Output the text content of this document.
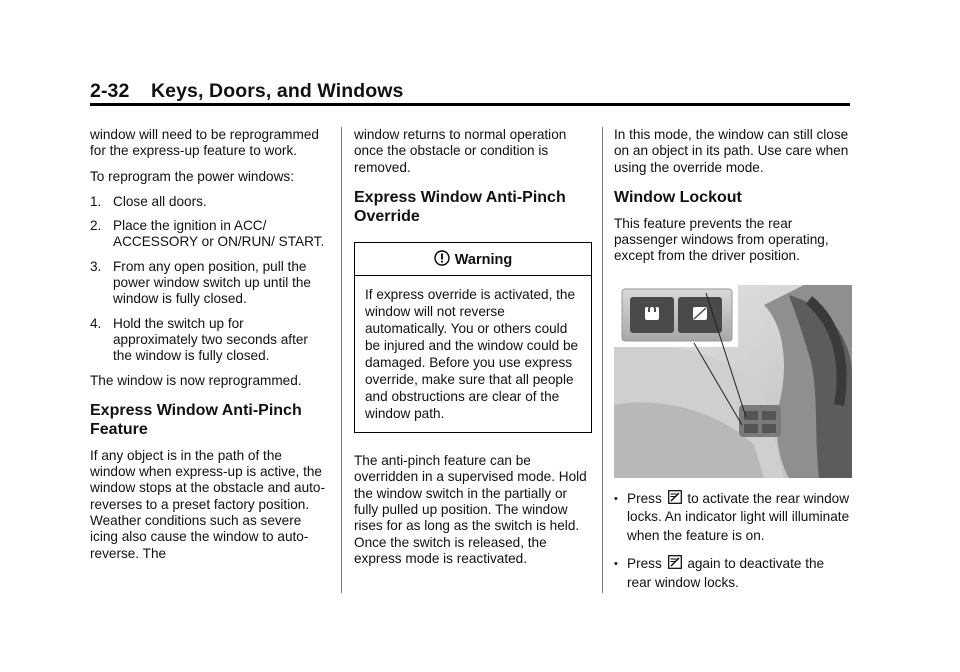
2-32 Keys, Doors, and Windows

window will need to be reprogrammed for the express-up feature to work.

To reprogram the power windows:

1. Close all doors.
2. Place the ignition in ACC/ ACCESSORY or ON/RUN/ START.
3. From any open position, pull the power window switch up until the window is fully closed.
4. Hold the switch up for approximately two seconds after the window is fully closed.

The window is now reprogrammed.

Express Window Anti-Pinch Feature

If any object is in the path of the window when express-up is active, the window stops at the obstacle and auto-reverses to a preset factory position. Weather conditions such as severe icing also cause the window to auto-reverse. The

window returns to normal operation once the obstacle or condition is removed.

Express Window Anti-Pinch Override
Warning
If express override is activated, the window will not reverse automatically. You or others could be injured and the window could be damaged. Before you use express override, make sure that all people and obstructions are clear of the window path.

The anti-pinch feature can be overridden in a supervised mode. Hold the window switch in the partially or fully pulled up position. The window rises for as long as the switch is held. Once the switch is released, the express mode is reactivated.

In this mode, the window can still close on an object in its path. Use care when using the override mode.

Window Lockout

This feature prevents the rear passenger windows from operating, except from the driver position.

• Press to activate the rear window locks. An indicator light will illuminate when the feature is on.
• Press again to deactivate the rear window locks.
